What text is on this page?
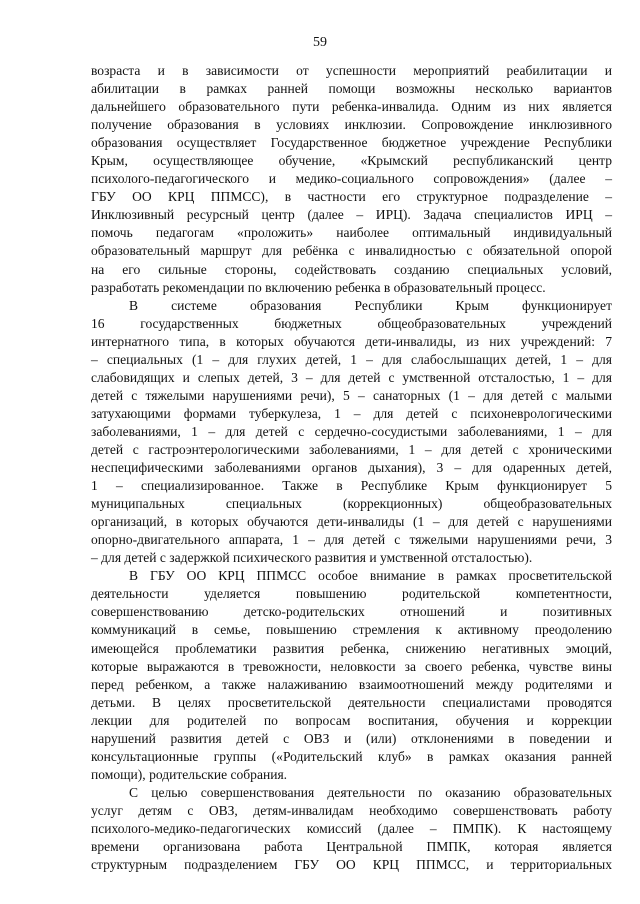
59

возраста и в зависимости от успешности мероприятий реабилитации и
абилитации в рамках ранней помощи возможны несколько вариантов
дальнейшего образовательного пути ребенка-инвалида. Одним из них является
получение образования в условиях инклюзии. Сопровождение инклюзивного
образования осуществляет Государственное бюджетное учреждение Республики
Крым, осуществляющее обучение, «Крымский республиканский центр
психолого-педагогического и медико-социального сопровождения» (далее –
ГБУ ОО КРЦ ППМСС), в частности его структурное подразделение –
Инклюзивный ресурсный центр (далее – ИРЦ). Задача специалистов ИРЦ –
помочь педагогам «проложить» наиболее оптимальный индивидуальный
образовательный маршрут для ребёнка с инвалидностью с обязательной опорой
на его сильные стороны, содействовать созданию специальных условий,
разработать рекомендации по включению ребенка в образовательный процесс.

В системе образования Республики Крым функционирует
16 государственных бюджетных общеобразовательных учреждений
интернатного типа, в которых обучаются дети-инвалиды, из них учреждений: 7
– специальных (1 – для глухих детей, 1 – для слабослышащих детей, 1 – для
слабовидящих и слепых детей, 3 – для детей с умственной отсталостью, 1 – для
детей с тяжелыми нарушениями речи), 5 – санаторных (1 – для детей с малыми
затухающими формами туберкулеза, 1 – для детей с психоневрологическими
заболеваниями, 1 – для детей с сердечно-сосудистыми заболеваниями, 1 – для
детей с гастроэнтерологическими заболеваниями, 1 – для детей с хроническими
неспецифическими заболеваниями органов дыхания), 3 – для одаренных детей,
1 – специализированное. Также в Республике Крым функционирует 5
муниципальных специальных (коррекционных) общеобразовательных
организаций, в которых обучаются дети-инвалиды (1 – для детей с нарушениями
опорно-двигательного аппарата, 1 – для детей с тяжелыми нарушениями речи, 3
– для детей с задержкой психического развития и умственной отсталостью).

В ГБУ ОО КРЦ ППМСС особое внимание в рамках просветительской
деятельности уделяется повышению родительской компетентности,
совершенствованию детско-родительских отношений и позитивных
коммуникаций в семье, повышению стремления к активному преодолению
имеющейся проблематики развития ребенка, снижению негативных эмоций,
которые выражаются в тревожности, неловкости за своего ребенка, чувстве вины
перед ребенком, а также налаживанию взаимоотношений между родителями и
детьми. В целях просветительской деятельности специалистами проводятся
лекции для родителей по вопросам воспитания, обучения и коррекции
нарушений развития детей с ОВЗ и (или) отклонениями в поведении и
консультационные группы («Родительский клуб» в рамках оказания ранней
помощи), родительские собрания.

С целью совершенствования деятельности по оказанию образовательных
услуг детям с ОВЗ, детям-инвалидам необходимо совершенствовать работу
психолого-медико-педагогических комиссий (далее – ПМПК). К настоящему
времени организована работа Центральной ПМПК, которая является
структурным подразделением ГБУ ОО КРЦ ППМСС, и территориальных
